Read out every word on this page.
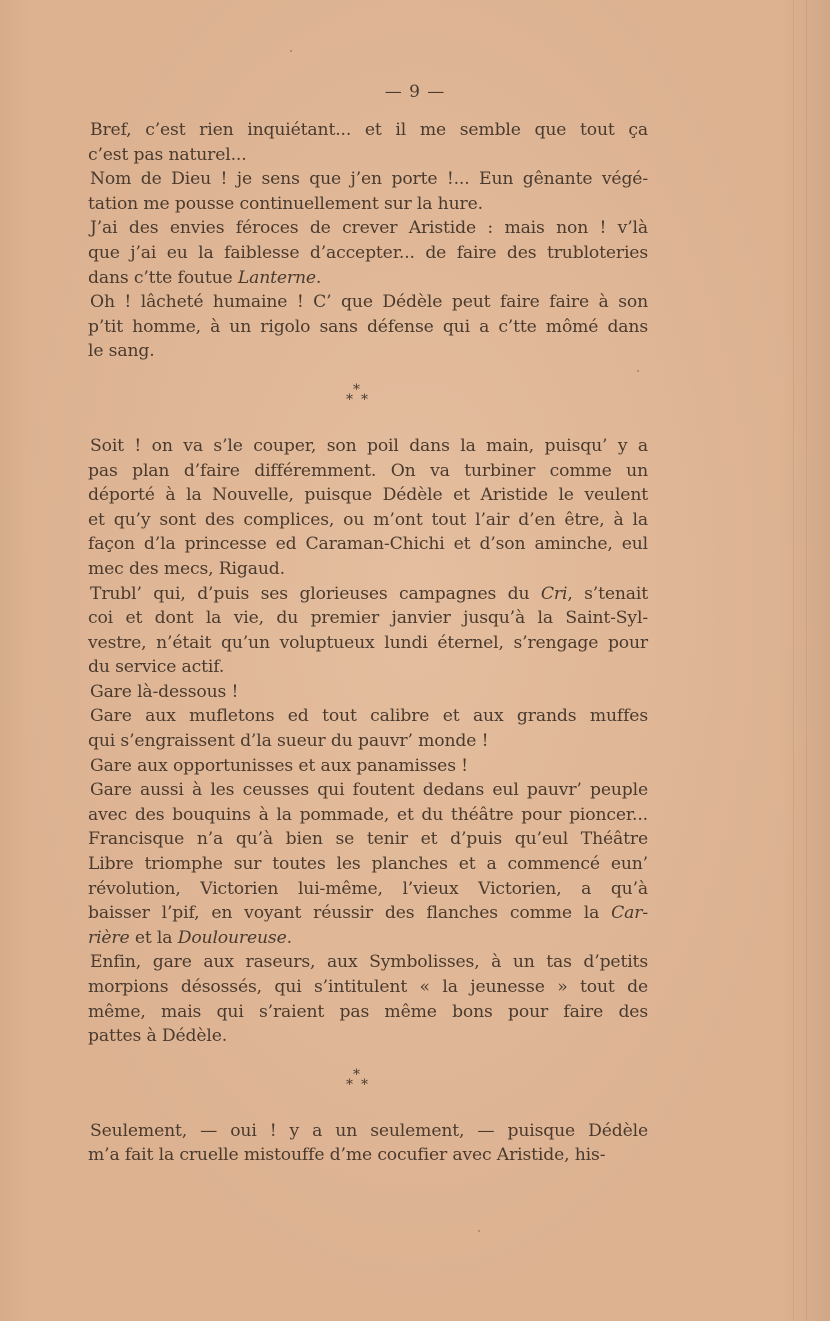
— 9 —
Bref, c’est rien inquiétant... et il me semble que tout ça
c’est pas naturel...
Nom de Dieu ! je sens que j’en porte !... Eun gênante végé-
tation me pousse continuellement sur la hure.
J’ai des envies féroces de crever Aristide : mais non ! v’là
que j’ai eu la faiblesse d’accepter... de faire des trubloteries
dans c’tte foutue Lanterne.
Oh ! lâcheté humaine ! C’ que Dédèle peut faire faire à son
p’tit homme, à un rigolo sans défense qui a c’tte mômé dans
le sang.
*
* *
Soit ! on va s’le couper, son poil dans la main, puisqu’ y a
pas plan d’faire différemment. On va turbiner comme un
déporté à la Nouvelle, puisque Dédèle et Aristide le veulent
et qu’y sont des complices, ou m’ont tout l’air d’en être, à la
façon d’la princesse ed Caraman-Chichi et d’son aminche, eul
mec des mecs, Rigaud.
Trubl’ qui, d’puis ses glorieuses campagnes du Cri, s’tenait
coi et dont la vie, du premier janvier jusqu’à la Saint-Syl-
vestre, n’était qu’un voluptueux lundi éternel, s’rengage pour
du service actif.
Gare là-dessous !
Gare aux mufletons ed tout calibre et aux grands muffes
qui s’engraissent d’la sueur du pauvr’ monde !
Gare aux opportunisses et aux panamisses !
Gare aussi à les ceusses qui foutent dedans eul pauvr’ peuple
avec des bouquins à la pommade, et du théâtre pour pioncer...
Francisque n’a qu’à bien se tenir et d’puis qu’eul Théâtre
Libre triomphe sur toutes les planches et a commencé eun’
révolution, Victorien lui-même, l’vieux Victorien, a qu’à
baisser l’pif, en voyant réussir des flanches comme la Car-
rière et la Douloureuse.
Enfin, gare aux raseurs, aux Symbolisses, à un tas d’petits
morpions désossés, qui s’intitulent « la jeunesse » tout de
même, mais qui s’raient pas même bons pour faire des
pattes à Dédèle.
*
* *
Seulement, — oui ! y a un seulement, — puisque Dédèle
m’a fait la cruelle mistouffe d’me cocufier avec Aristide, his-
